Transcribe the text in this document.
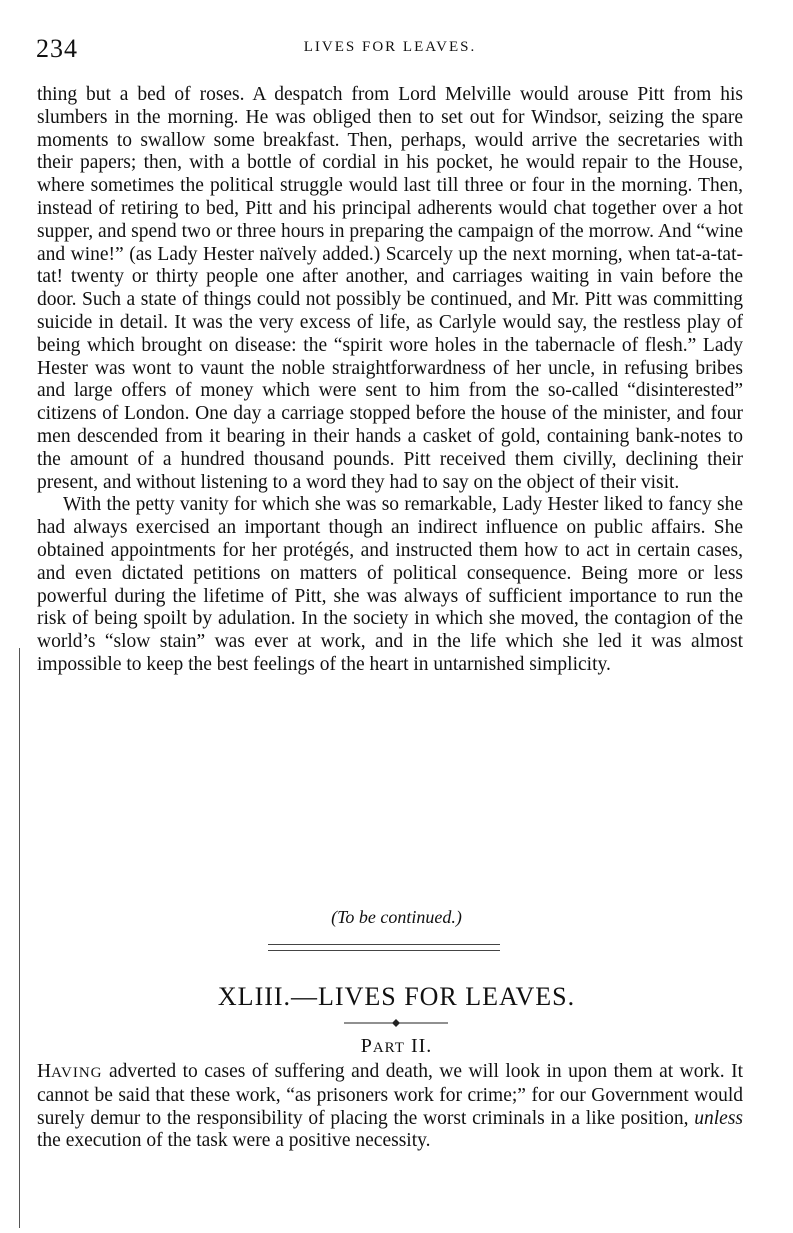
234	LIVES FOR LEAVES.

thing but a bed of roses. A despatch from Lord Melville would arouse Pitt from his slumbers in the morning. He was obliged then to set out for Windsor, seizing the spare moments to swallow some breakfast. Then, perhaps, would arrive the secretaries with their papers; then, with a bottle of cordial in his pocket, he would repair to the House, where sometimes the political struggle would last till three or four in the morning. Then, instead of retiring to bed, Pitt and his principal adherents would chat together over a hot supper, and spend two or three hours in preparing the campaign of the morrow. And “wine and wine!” (as Lady Hester naïvely added.) Scarcely up the next morning, when tat-a-tat-tat! twenty or thirty people one after another, and carriages waiting in vain before the door. Such a state of things could not possibly be continued, and Mr. Pitt was committing suicide in detail. It was the very excess of life, as Carlyle would say, the restless play of being which brought on disease: the “spirit wore holes in the tabernacle of flesh.” Lady Hester was wont to vaunt the noble straightforwardness of her uncle, in refusing bribes and large offers of money which were sent to him from the so-called “disinterested” citizens of London. One day a carriage stopped before the house of the minister, and four men descended from it bearing in their hands a casket of gold, containing bank-notes to the amount of a hundred thousand pounds. Pitt received them civilly, declining their present, and without listening to a word they had to say on the object of their visit.

With the petty vanity for which she was so remarkable, Lady Hester liked to fancy she had always exercised an important though an indirect influence on public affairs. She obtained appointments for her protégés, and instructed them how to act in certain cases, and even dictated petitions on matters of political consequence. Being more or less powerful during the lifetime of Pitt, she was always of sufficient importance to run the risk of being spoilt by adulation. In the society in which she moved, the contagion of the world’s “slow stain” was ever at work, and in the life which she led it was almost impossible to keep the best feelings of the heart in untarnished simplicity.

(To be continued.)
XLIII.—LIVES FOR LEAVES.
PART II.

HAVING adverted to cases of suffering and death, we will look in upon them at work. It cannot be said that these work, “as prisoners work for crime;” for our Government would surely demur to the responsibility of placing the worst criminals in a like position, unless the execution of the task were a positive necessity.
